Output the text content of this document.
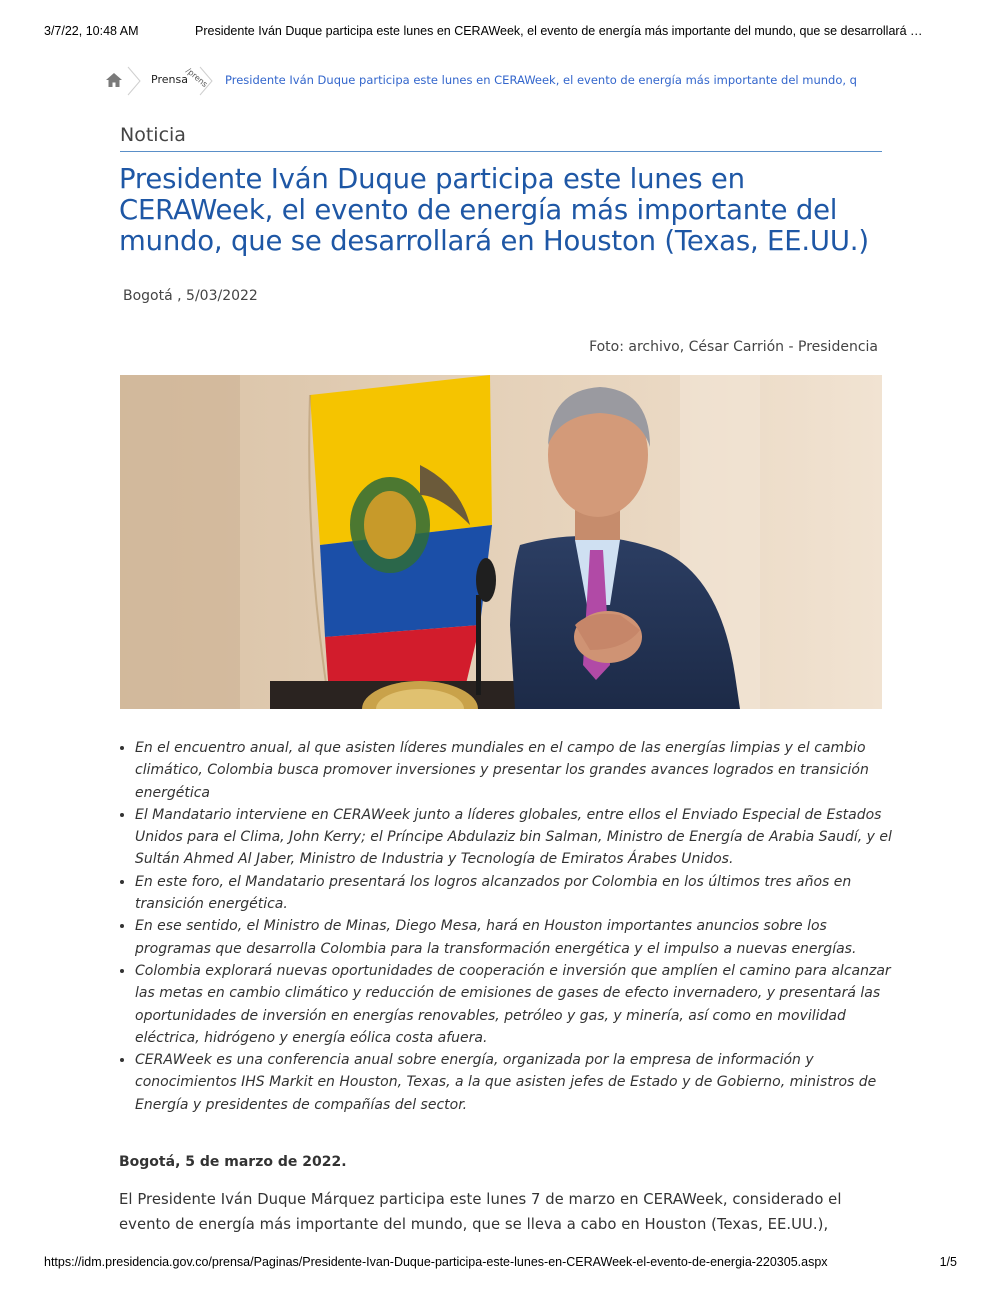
3/7/22, 10:48 AM	Presidente Iván Duque participa este lunes en CERAWeek, el evento de energía más importante del mundo, que se desarrollará …
Prensa
/prens Presidente Iván Duque participa este lunes en CERAWeek, el evento de energía más importante del mundo, q
Noticia
Presidente Iván Duque participa este lunes en CERAWeek, el evento de energía más importante del mundo, que se desarrollará en Houston (Texas, EE.UU.)
Bogotá , 5/03/2022
Foto: archivo, César Carrión - Presidencia
• En el encuentro anual, al que asisten líderes mundiales en el campo de las energías limpias y el cambio climático, Colombia busca promover inversiones y presentar los grandes avances logrados en transición energética
• El Mandatario interviene en CERAWeek junto a líderes globales, entre ellos el Enviado Especial de Estados Unidos para el Clima, John Kerry; el Príncipe Abdulaziz bin Salman, Ministro de Energía de Arabia Saudí, y el Sultán Ahmed Al Jaber, Ministro de Industria y Tecnología de Emiratos Árabes Unidos.
• En este foro, el Mandatario presentará los logros alcanzados por Colombia en los últimos tres años en transición energética.
• En ese sentido, el Ministro de Minas, Diego Mesa, hará en Houston importantes anuncios sobre los programas que desarrolla Colombia para la transformación energética y el impulso a nuevas energías.
• Colombia explorará nuevas oportunidades de cooperación e inversión que amplíen el camino para alcanzar las metas en cambio climático y reducción de emisiones de gases de efecto invernadero, y presentará las oportunidades de inversión en energías renovables, petróleo y gas, y minería, así como en movilidad eléctrica, hidrógeno y energía eólica costa afuera.
• CERAWeek es una conferencia anual sobre energía, organizada por la empresa de información y conocimientos IHS Markit en Houston, Texas, a la que asisten jefes de Estado y de Gobierno, ministros de Energía y presidentes de compañías del sector.
Bogotá, 5 de marzo de 2022.

El Presidente Iván Duque Márquez participa este lunes 7 de marzo en CERAWeek, considerado el evento de energía más importante del mundo, que se lleva a cabo en Houston (Texas, EE.UU.),

https://idm.presidencia.gov.co/prensa/Paginas/Presidente-Ivan-Duque-participa-este-lunes-en-CERAWeek-el-evento-de-energia-220305.aspx	1/5
